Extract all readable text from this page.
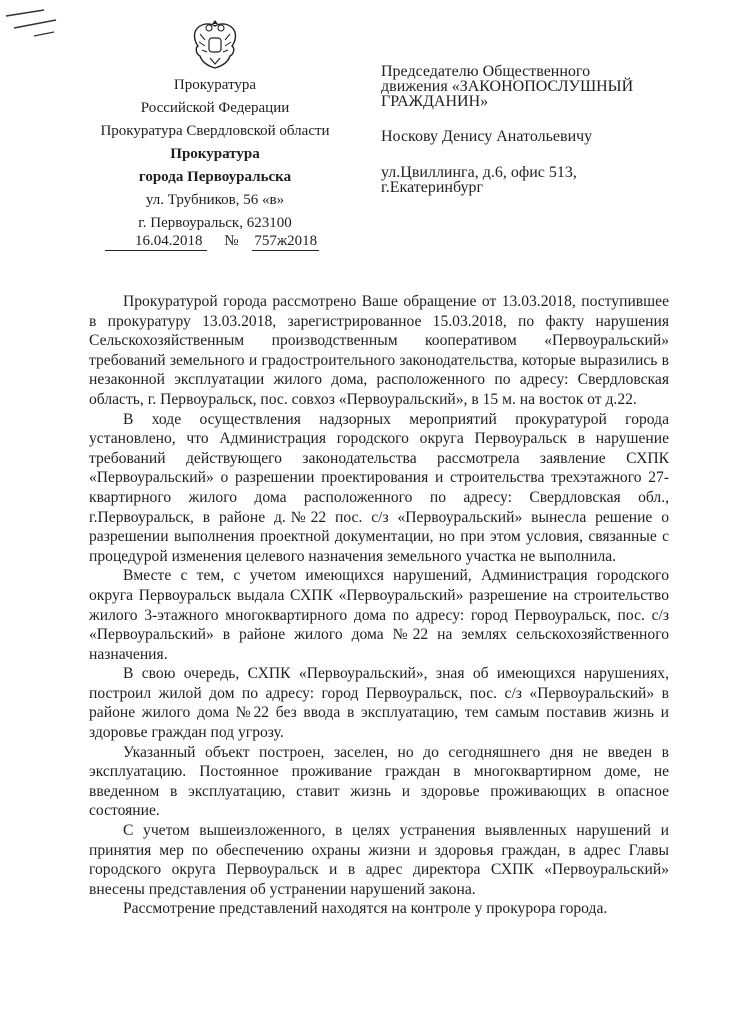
Прокуратура
Российской Федерации
Прокуратура Свердловской области
Прокуратура
города Первоуральска
ул. Трубников, 56 «в»
г. Первоуральск, 623100
16.04.2018 № 757ж2018
Председателю Общественного
движения «ЗАКОНОПОСЛУШНЫЙ
ГРАЖДАНИН»
Носкову Денису Анатольевичу
ул.Цвиллинга, д.6, офис 513,
г.Екатеринбург

Прокуратурой города рассмотрено Ваше обращение от 13.03.2018, поступившее в прокуратуру 13.03.2018, зарегистрированное 15.03.2018, по факту нарушения Сельскохозяйственным производственным кооперативом «Первоуральский» требований земельного и градостроительного законодательства, которые выразились в незаконной эксплуатации жилого дома, расположенного по адресу: Свердловская область, г. Первоуральск, пос. совхоз «Первоуральский», в 15 м. на восток от д.22.

В ходе осуществления надзорных мероприятий прокуратурой города установлено, что Администрация городского округа Первоуральск в нарушение требований действующего законодательства рассмотрела заявление СХПК «Первоуральский» о разрешении проектирования и строительства трехэтажного 27-квартирного жилого дома расположенного по адресу: Свердловская обл., г.Первоуральск, в районе д.№22 пос. с/з «Первоуральский» вынесла решение о разрешении выполнения проектной документации, но при этом условия, связанные с процедурой изменения целевого назначения земельного участка не выполнила.

Вместе с тем, с учетом имеющихся нарушений, Администрация городского округа Первоуральск выдала СХПК «Первоуральский» разрешение на строительство жилого 3-этажного многоквартирного дома по адресу: город Первоуральск, пос. с/з «Первоуральский» в районе жилого дома №22 на землях сельскохозяйственного назначения.

В свою очередь, СХПК «Первоуральский», зная об имеющихся нарушениях, построил жилой дом по адресу: город Первоуральск, пос. с/з «Первоуральский» в районе жилого дома №22 без ввода в эксплуатацию, тем самым поставив жизнь и здоровье граждан под угрозу.

Указанный объект построен, заселен, но до сегодняшнего дня не введен в эксплуатацию. Постоянное проживание граждан в многоквартирном доме, не введенном в эксплуатацию, ставит жизнь и здоровье проживающих в опасное состояние.

С учетом вышеизложенного, в целях устранения выявленных нарушений и принятия мер по обеспечению охраны жизни и здоровья граждан, в адрес Главы городского округа Первоуральск и в адрес директора СХПК «Первоуральский» внесены представления об устранении нарушений закона.

Рассмотрение представлений находятся на контроле у прокурора города.
